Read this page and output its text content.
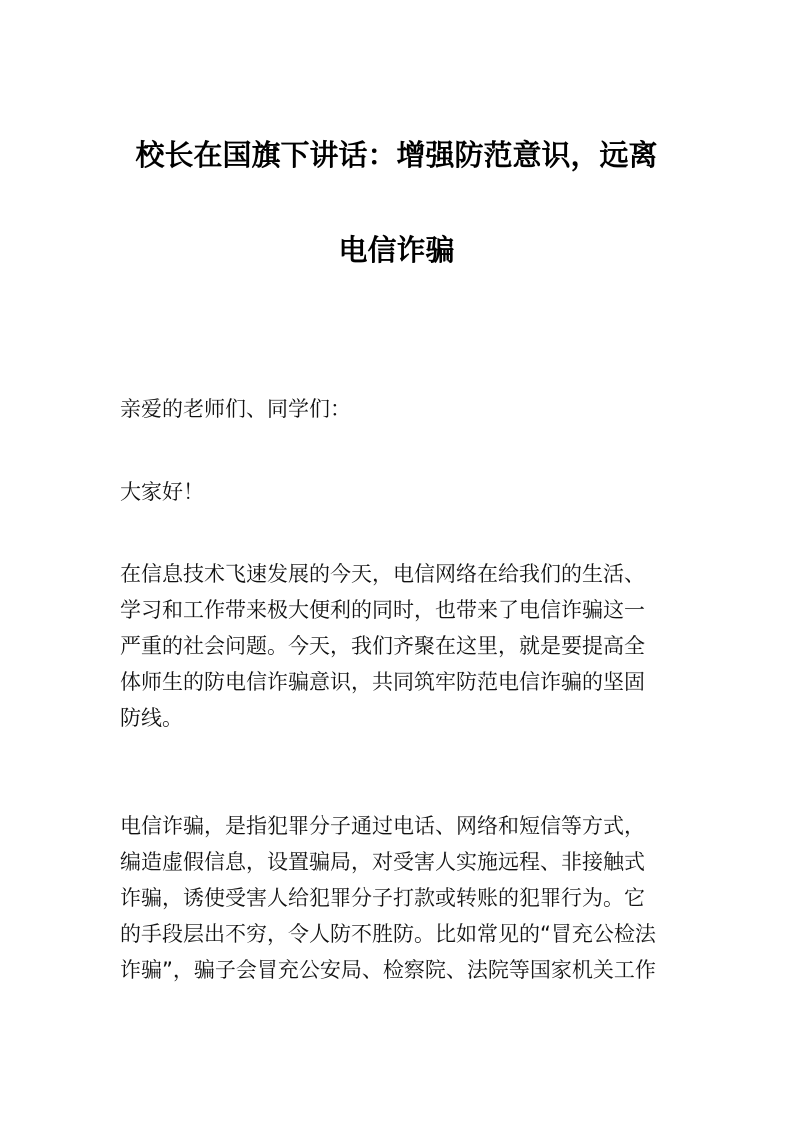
校长在国旗下讲话：增强防范意识，远离
电信诈骗
亲爱的老师们、同学们：
大家好！
在信息技术飞速发展的今天，电信网络在给我们的生活、
学习和工作带来极大便利的同时，也带来了电信诈骗这一
严重的社会问题。今天，我们齐聚在这里，就是要提高全
体师生的防电信诈骗意识，共同筑牢防范电信诈骗的坚固
防线。
电信诈骗，是指犯罪分子通过电话、网络和短信等方式，
编造虚假信息，设置骗局，对受害人实施远程、非接触式
诈骗，诱使受害人给犯罪分子打款或转账的犯罪行为。它
的手段层出不穷，令人防不胜防。比如常见的“冒充公检法
诈骗”，骗子会冒充公安局、检察院、法院等国家机关工作
